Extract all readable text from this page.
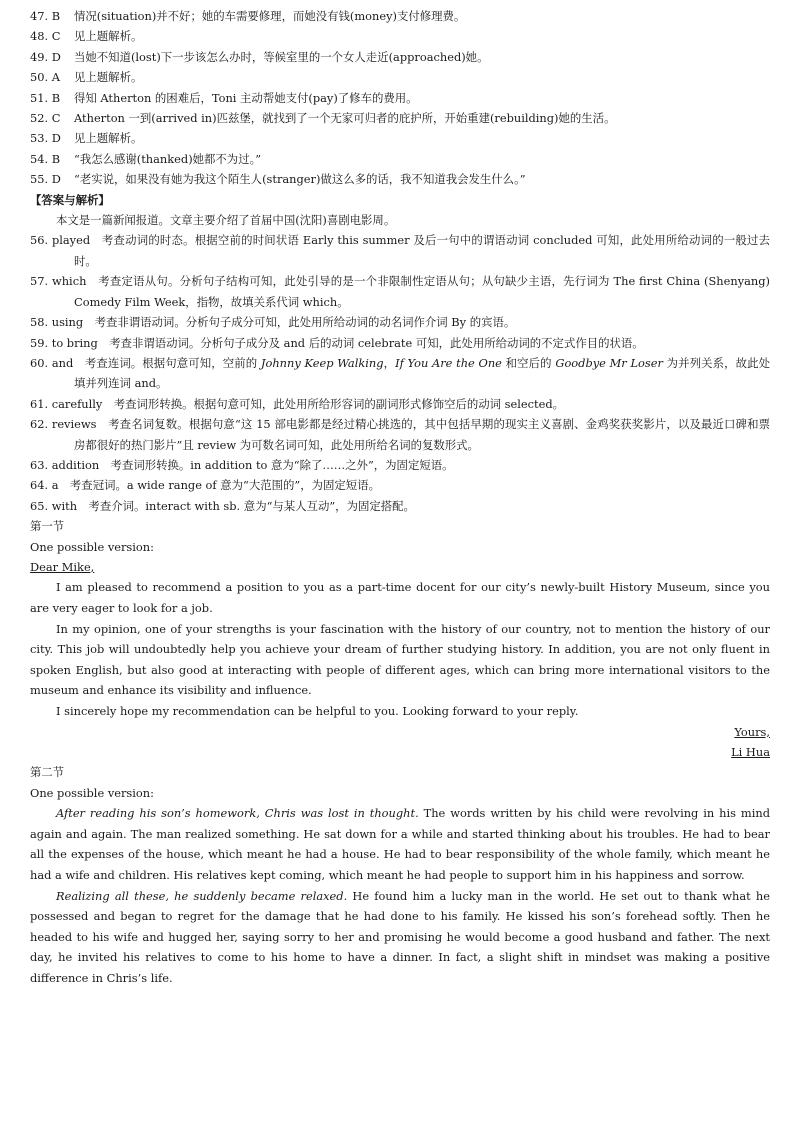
47. B	情况(situation)并不好；她的车需要修理，而她没有钱(money)支付修理费。
48. C	见上题解析。
49. D	当她不知道(lost)下一步该怎么办时，等候室里的一个女人走近(approached)她。
50. A	见上题解析。
51. B	得知 Atherton 的困难后，Toni 主动帮她支付(pay)了修车的费用。
52. C	Atherton 一到(arrived in)匹兹堡，就找到了一个无家可归者的庇护所，开始重建(rebuilding)她的生活。
53. D	见上题解析。
54. B	“我怎么感谢(thanked)她都不为过。”
55. D	“老实说，如果没有她为我这个陌生人(stranger)做这么多的话，我不知道我会发生什么。”
【答案与解析】
本文是一篇新闻报道。文章主要介绍了首届中国(沈阳)喜剧电影周。
56. played　考查动词的时态。根据空前的时间状语 Early this summer 及后一句中的谓语动词 concluded 可知，此处用所给动词的一般过去时。
57. which　考查定语从句。分析句子结构可知，此处引导的是一个非限制性定语从句；从句缺少主语，先行词为 The first China (Shenyang) Comedy Film Week，指物，故填关系代词 which。
58. using　考查非谓语动词。分析句子成分可知，此处用所给动词的动名词作介词 By 的宾语。
59. to bring　考查非谓语动词。分析句子成分及 and 后的动词 celebrate 可知，此处用所给动词的不定式作目的状语。
60. and　考查连词。根据句意可知，空前的 Johnny Keep Walking，If You Are the One 和空后的 Goodbye Mr Loser 为并列关系，故此处填并列连词 and。
61. carefully　考查词形转换。根据句意可知，此处用所给形容词的副词形式修饰空后的动词 selected。
62. reviews　考查名词复数。根据句意“这 15 部电影都是经过精心挑选的，其中包括早期的现实主义喜剧、金鸡奖获奖影片，以及最近口碑和票房都很好的热门影片”且 review 为可数名词可知，此处用所给名词的复数形式。
63. addition　考查词形转换。in addition to 意为“除了……之外”，为固定短语。
64. a　考查冠词。a wide range of 意为“大范围的”，为固定短语。
65. with　考查介词。interact with sb. 意为“与某人互动”，为固定搭配。
第一节
One possible version:
Dear Mike,

I am pleased to recommend a position to you as a part-time docent for our city’s newly-built History Museum, since you are very eager to look for a job.

In my opinion, one of your strengths is your fascination with the history of our country, not to mention the history of our city. This job will undoubtedly help you achieve your dream of further studying history. In addition, you are not only fluent in spoken English, but also good at interacting with people of different ages, which can bring more international visitors to the museum and enhance its visibility and influence.

I sincerely hope my recommendation can be helpful to you. Looking forward to your reply.

Yours,
Li Hua
第二节
One possible version:

After reading his son’s homework, Chris was lost in thought. The words written by his child were revolving in his mind again and again. The man realized something. He sat down for a while and started thinking about his troubles. He had to bear all the expenses of the house, which meant he had a house. He had to bear responsibility of the whole family, which meant he had a wife and children. His relatives kept coming, which meant he had people to support him in his happiness and sorrow.

Realizing all these, he suddenly became relaxed. He found him a lucky man in the world. He set out to thank what he possessed and began to regret for the damage that he had done to his family. He kissed his son’s forehead softly. Then he headed to his wife and hugged her, saying sorry to her and promising he would become a good husband and father. The next day, he invited his relatives to come to his home to have a dinner. In fact, a slight shift in mindset was making a positive difference in Chris’s life.
